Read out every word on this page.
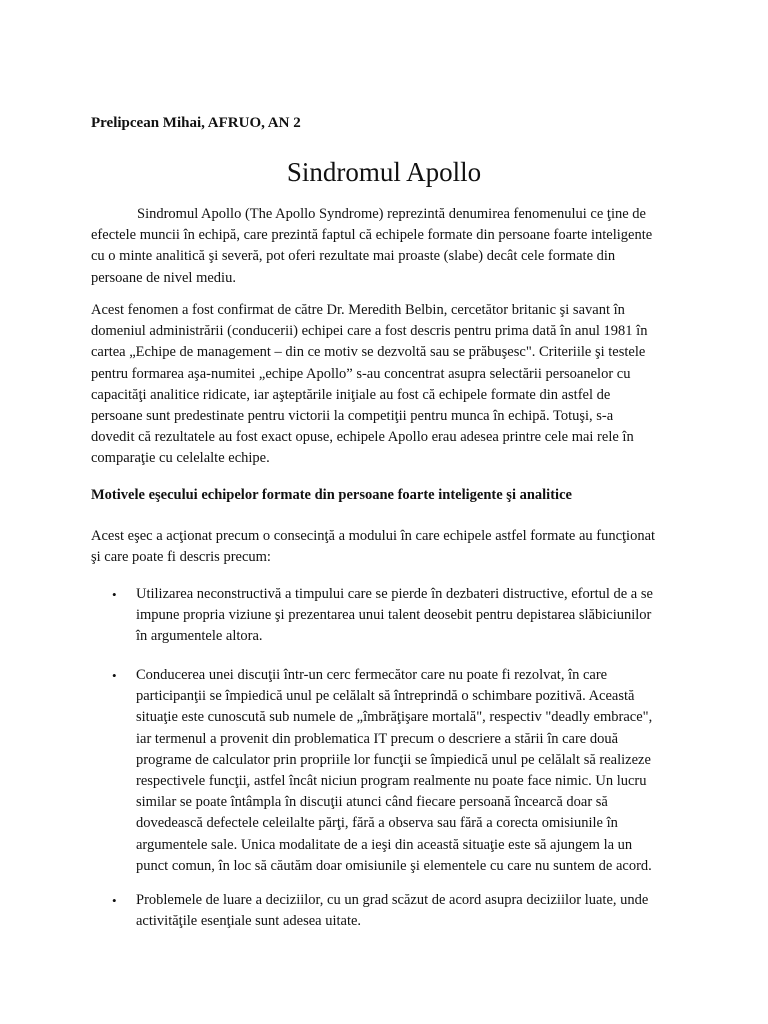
Prelipcean Mihai, AFRUO, AN 2
Sindromul Apollo
Sindromul Apollo (The Apollo Syndrome) reprezintă denumirea fenomenului ce ţine de
efectele muncii în echipă, care prezintă faptul că echipele formate din persoane foarte inteligente
cu o minte analitică şi severă, pot oferi rezultate mai proaste (slabe) decât cele formate din
persoane de nivel mediu.
Acest fenomen a fost confirmat de către Dr. Meredith Belbin, cercetător britanic şi savant în
domeniul administrării (conducerii) echipei care a fost descris pentru prima dată în anul 1981 în
cartea „Echipe de management – din ce motiv se dezvoltă sau se prăbuşesc". Criteriile şi testele
pentru formarea aşa-numitei „echipe Apollo” s-au concentrat asupra selectării persoanelor cu
capacităţi analitice ridicate, iar aşteptările iniţiale au fost că echipele formate din astfel de
persoane sunt predestinate pentru victorii la competiţii pentru munca în echipă. Totuşi, s-a
dovedit că rezultatele au fost exact opuse, echipele Apollo erau adesea printre cele mai rele în
comparaţie cu celelalte echipe.
Motivele eşecului echipelor formate din persoane foarte inteligente şi analitice
Acest eşec a acţionat precum o consecinţă a modului în care echipele astfel formate au funcţionat
şi care poate fi descris precum:
• Utilizarea neconstructivă a timpului care se pierde în dezbateri distructive, efortul de a se
impune propria viziune şi prezentarea unui talent deosebit pentru depistarea slăbiciunilor
în argumentele altora.
• Conducerea unei discuţii într-un cerc fermecător care nu poate fi rezolvat, în care
participanţii se împiedică unul pe celălalt să întreprindă o schimbare pozitivă. Această
situaţie este cunoscută sub numele de „îmbrăţişare mortală", respectiv "deadly embrace",
iar termenul a provenit din problematica IT precum o descriere a stării în care două
programe de calculator prin propriile lor funcţii se împiedică unul pe celălalt să realizeze
respectivele funcţii, astfel încât niciun program realmente nu poate face nimic. Un lucru
similar se poate întâmpla în discuţii atunci când fiecare persoană încearcă doar să
dovedească defectele celeilalte părţi, fără a observa sau fără a corecta omisiunile în
argumentele sale. Unica modalitate de a ieşi din această situaţie este să ajungem la un
punct comun, în loc să căutăm doar omisiunile şi elementele cu care nu suntem de acord.
• Problemele de luare a deciziilor, cu un grad scăzut de acord asupra deciziilor luate, unde
activităţile esenţiale sunt adesea uitate.
